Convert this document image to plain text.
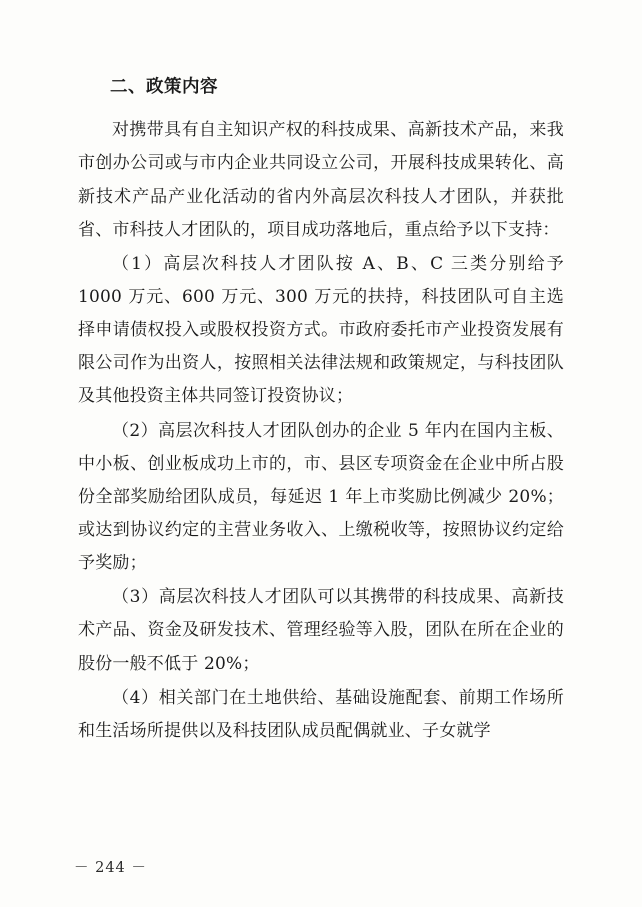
二、政策内容

对携带具有自主知识产权的科技成果、高新技术产品，来我市创办公司或与市内企业共同设立公司，开展科技成果转化、高新技术产品产业化活动的省内外高层次科技人才团队，并获批省、市科技人才团队的，项目成功落地后，重点给予以下支持：

（1）高层次科技人才团队按 A、B、C 三类分别给予 1000 万元、600 万元、300 万元的扶持，科技团队可自主选择申请债权投入或股权投资方式。市政府委托市产业投资发展有限公司作为出资人，按照相关法律法规和政策规定，与科技团队及其他投资主体共同签订投资协议；

（2）高层次科技人才团队创办的企业 5 年内在国内主板、中小板、创业板成功上市的，市、县区专项资金在企业中所占股份全部奖励给团队成员，每延迟 1 年上市奖励比例减少 20%；或达到协议约定的主营业务收入、上缴税收等，按照协议约定给予奖励；

（3）高层次科技人才团队可以其携带的科技成果、高新技术产品、资金及研发技术、管理经验等入股，团队在所在企业的股份一般不低于 20%；

（4）相关部门在土地供给、基础设施配套、前期工作场所和生活场所提供以及科技团队成员配偶就业、子女就学

－ 244 －
